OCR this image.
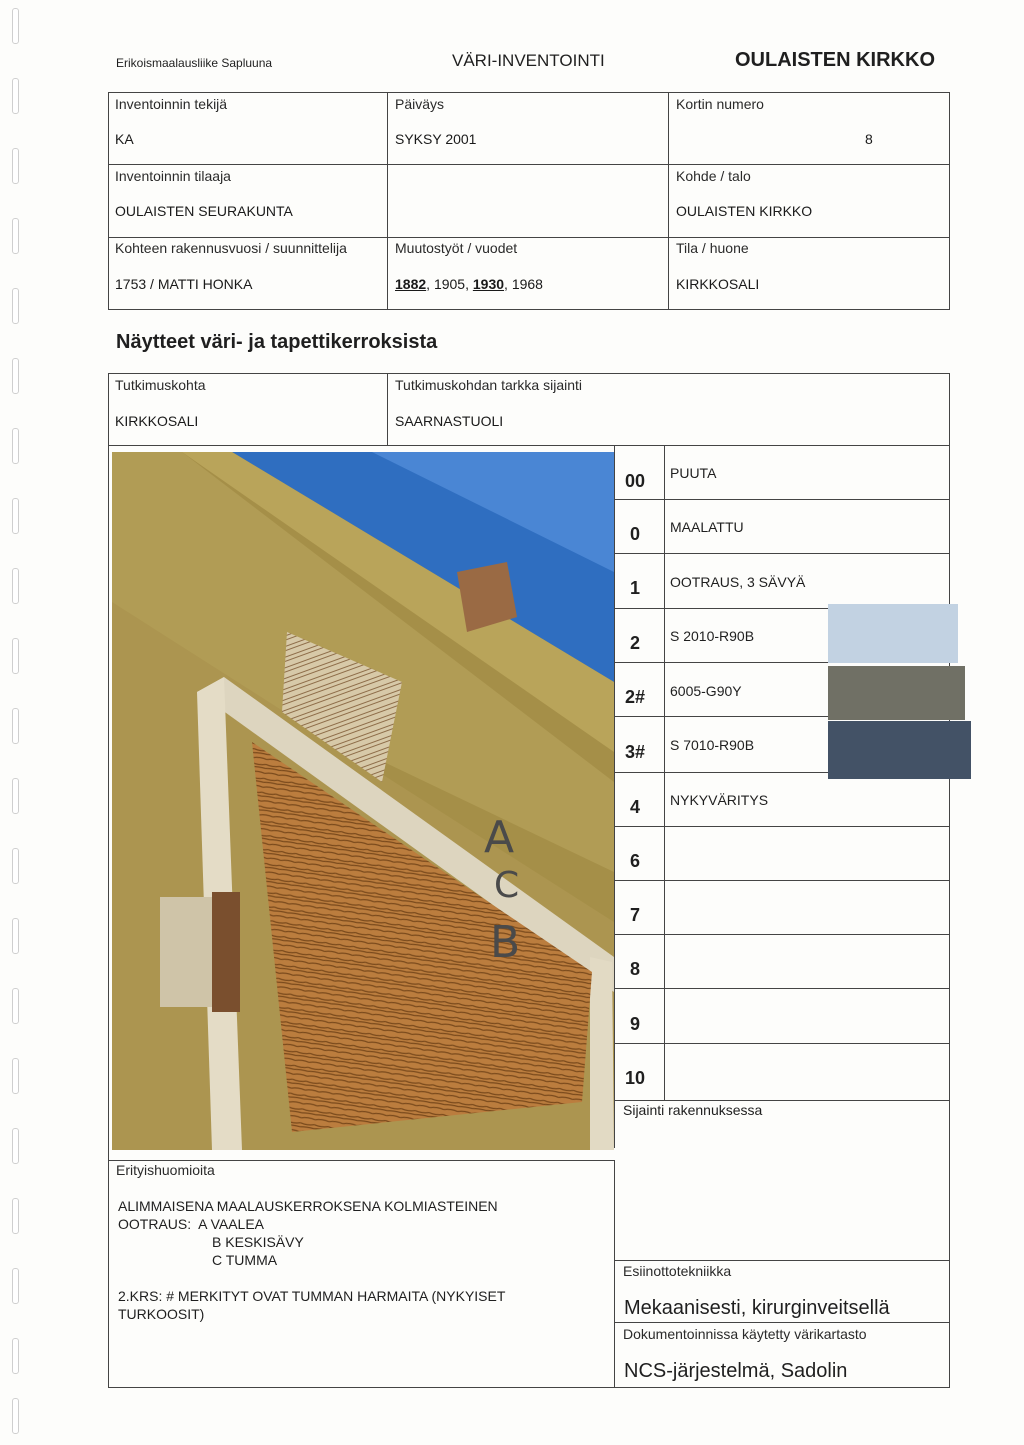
Erikoismaalausliike Sapluuna	VÄRI-INVENTOINTI	OULAISTEN KIRKKO
Inventoinnin tekijä
KA
Päiväys
SYKSY 2001
Kortin numero
8
Inventoinnin tilaaja
OULAISTEN SEURAKUNTA
Kohde / talo
OULAISTEN KIRKKO
Kohteen rakennusvuosi / suunnittelija
1753 / MATTI HONKA
Muutostyöt / vuodet
1882, 1905, 1930, 1968
Tila / huone
KIRKKOSALI
Näytteet väri- ja tapettikerroksista
Tutkimuskohta
KIRKKOSALI
Tutkimuskohdan tarkka sijainti
SAARNASTUOLI
A
C
B
00	PUUTA
0	MAALATTU
1	OOTRAUS, 3 SÄVYÄ
2	S 2010-R90B
2#	6005-G90Y
3#	S 7010-R90B
4	NYKYVÄRITYS
6
7
8
9
10
Sijainti rakennuksessa
Erityishuomioita
ALIMMAISENA MAALAUSKERROKSENA KOLMIASTEINEN
OOTRAUS:  A VAALEA
B KESKISÄVY
C TUMMA
2.KRS: # MERKITYT OVAT TUMMAN HARMAITA (NYKYISET
TURKOOSIT)
Esiinottotekniikka
Mekaanisesti, kirurginveitsellä
Dokumentoinnissa käytetty värikartasto
NCS-järjestelmä, Sadolin
